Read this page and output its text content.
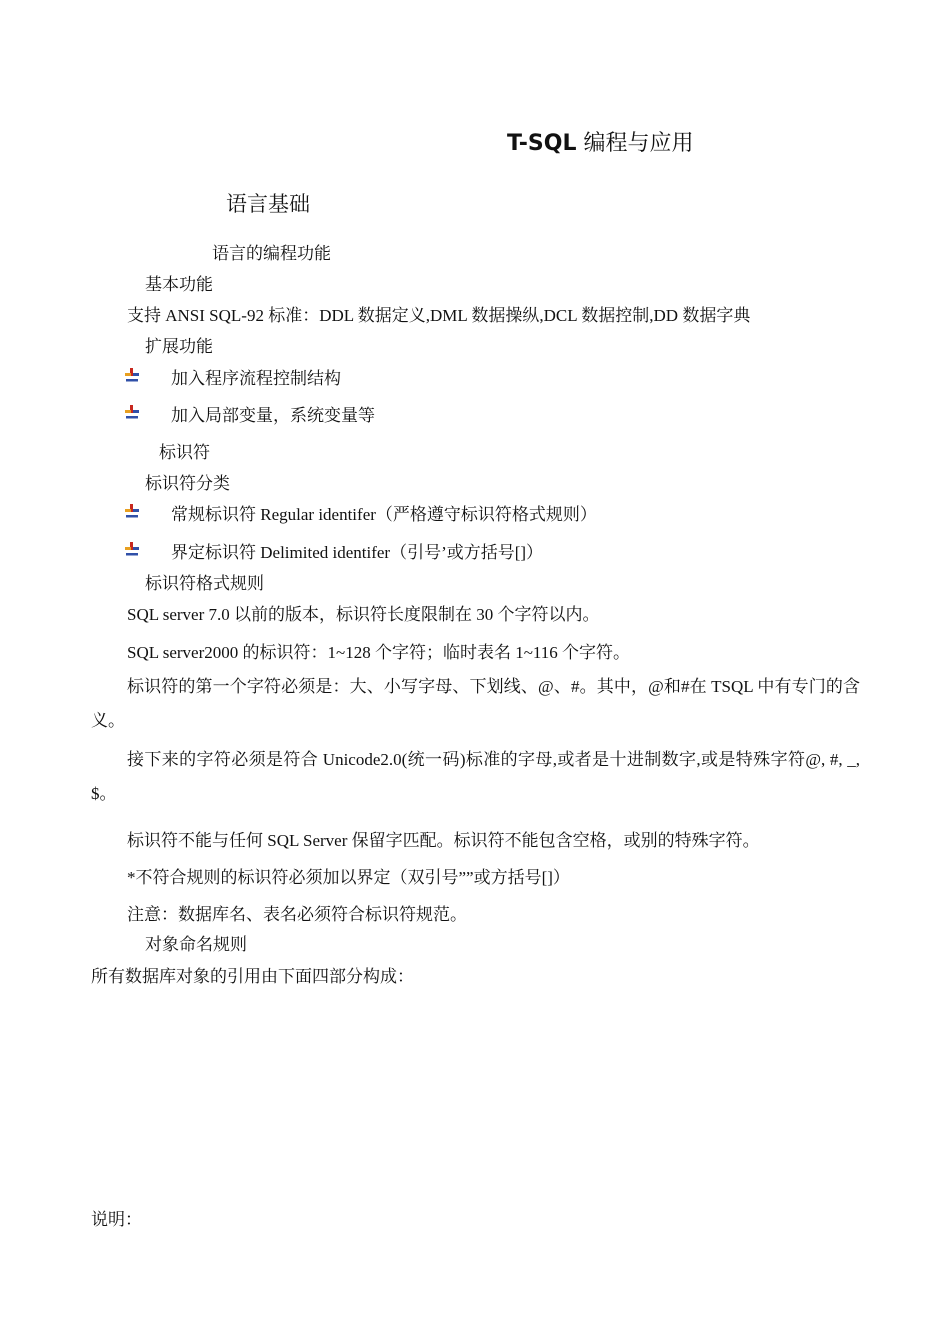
T-SQL 编程与应用
语言基础
语言的编程功能
基本功能
支持 ANSI SQL-92 标准：DDL 数据定义,DML 数据操纵,DCL 数据控制,DD 数据字典
扩展功能
加入程序流程控制结构
加入局部变量，系统变量等
标识符
标识符分类
常规标识符 Regular identifer（严格遵守标识符格式规则）
界定标识符 Delimited identifer（引号’或方括号[]）
标识符格式规则
SQL server 7.0 以前的版本，标识符长度限制在 30 个字符以内。
SQL server2000 的标识符：1~128 个字符；临时表名 1~116 个字符。
标识符的第一个字符必须是：大、小写字母、下划线、@、#。其中，@和#在 TSQL 中有专门的含义。
接下来的字符必须是符合 Unicode2.0(统一码)标准的字母,或者是十进制数字,或是特殊字符@, #, _, $。
标识符不能与任何 SQL Server 保留字匹配。标识符不能包含空格，或别的特殊字符。
*不符合规则的标识符必须加以界定（双引号””或方括号[]）
注意：数据库名、表名必须符合标识符规范。
对象命名规则
所有数据库对象的引用由下面四部分构成：
说明：
